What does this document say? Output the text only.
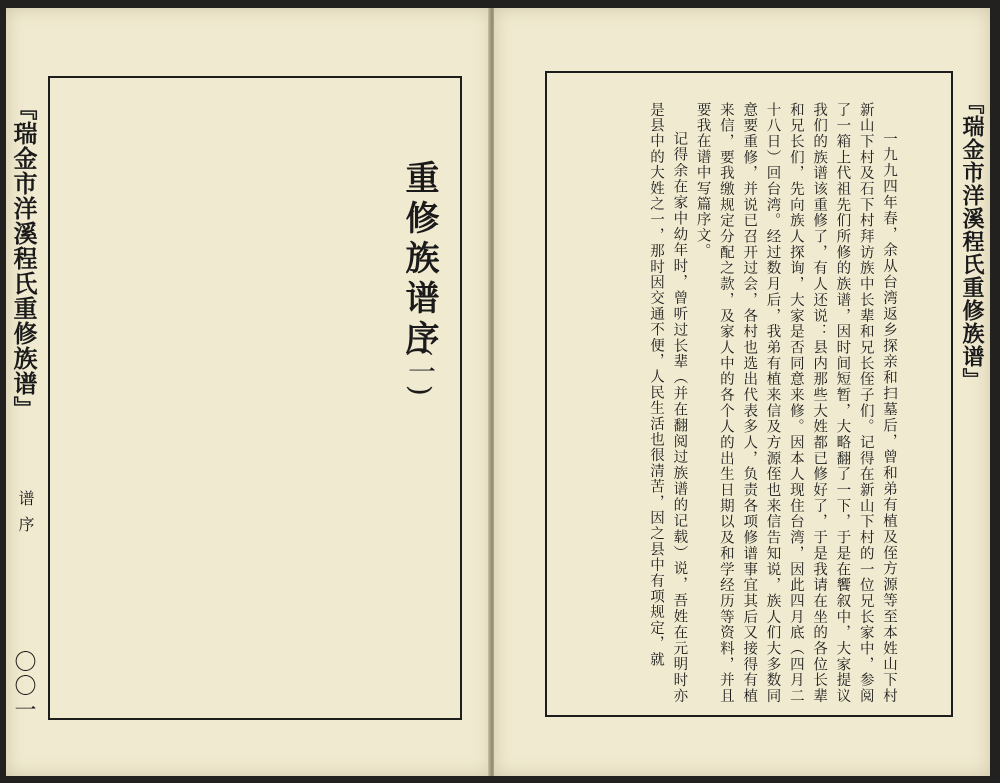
『瑞金市洋溪程氏重修族谱』
谱序
〇〇一
重修族谱序
(一)	一九九四年春，余从台湾返乡探亲和扫墓后，曾和弟有植及侄方源等至本姓山下村新山下村及石下村拜访族中长辈和兄长侄子们。记得在新山下村的一位兄长家中，参阅了一箱上代祖先们所修的族谱，因时间短暂，大略翻了一下，于是在饗叙中，大家提议我们的族谱该重修了，有人还说：县内那些大姓都已修好了，于是我请在坐的各位长辈和兄长们，先向族人探询，大家是否同意来修。因本人现住台湾，因此四月底（四月二十八日）回台湾。经过数月后，我弟有植来信及方源侄也来信告知说，族人们大多数同意要重修，并说已召开过会，各村也选出代表多人，负责各项修谱事宜其后又接得有植来信，要我缴规定分配之款，及家人中的各个人的出生日期以及和学经历等资料，并且要我在谱中写篇序文。

记得余在家中幼年时，曾听过长辈（并在翻阅过族谱的记载）说，吾姓在元明时亦是县中的大姓之一，那时因交通不便，人民生活也很清苦，因之县中有项规定，就	『瑞金市洋溪程氏重修族谱』
